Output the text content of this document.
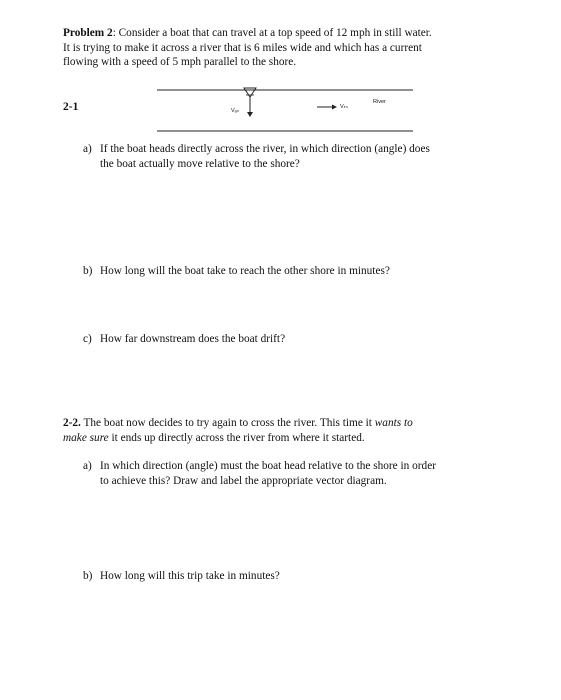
Problem 2: Consider a boat that can travel at a top speed of 12 mph in still water.
It is trying to make it across a river that is 6 miles wide and which has a current
flowing with a speed of 5 mph parallel to the shore.
2-1	Vₐₙ
Vₖₛ
River
a) If the boat heads directly across the river, in which direction (angle) does
the boat actually move relative to the shore?
b) How long will the boat take to reach the other shore in minutes?
c) How far downstream does the boat drift?
2-2. The boat now decides to try again to cross the river. This time it wants to
make sure it ends up directly across the river from where it started.
a) In which direction (angle) must the boat head relative to the shore in order
to achieve this? Draw and label the appropriate vector diagram.
b) How long will this trip take in minutes?
